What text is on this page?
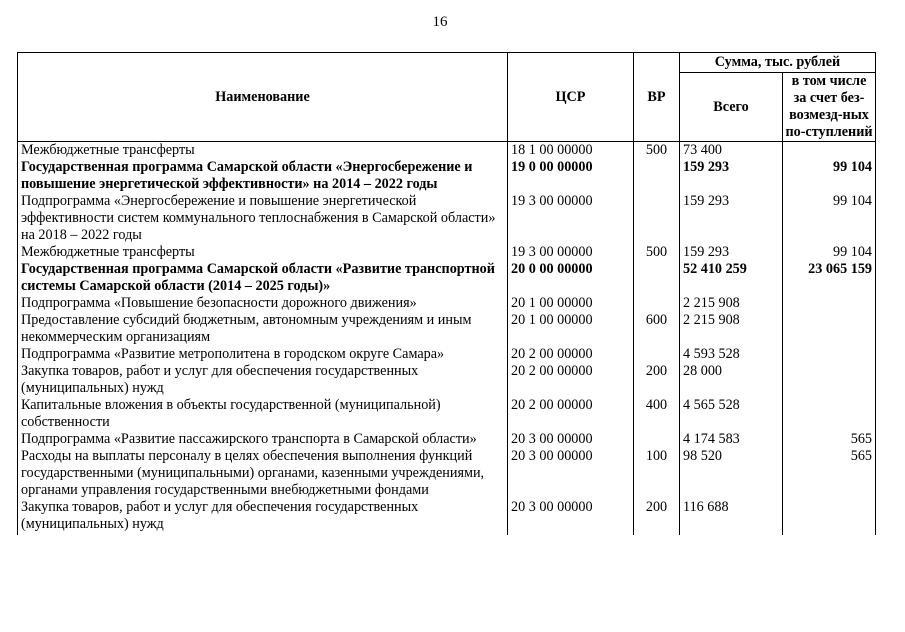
16
Наименование	ЦСР	ВР	Сумма, тыс. рублей	
			Всего	в том числе за счет без-возмезд-ных по-ступлений
Межбюджетные трансферты	18 1 00 00000	500	73 400	
Государственная программа Самарской области «Энергосбережение и повышение энергетической эффективности» на 2014 – 2022 годы	19 0 00 00000		159 293	99 104
Подпрограмма «Энергосбережение и повышение энергетической эффективности систем коммунального теплоснабжения в Самарской области» на 2018 – 2022 годы	19 3 00 00000		159 293	99 104
Межбюджетные трансферты	19 3 00 00000	500	159 293	99 104
Государственная программа Самарской области «Развитие транспортной системы Самарской области (2014 – 2025 годы)»	20 0 00 00000		52 410 259	23 065 159
Подпрограмма «Повышение безопасности дорожного движения»	20 1 00 00000		2 215 908	
Предоставление субсидий бюджетным, автономным учреждениям и иным некоммерческим организациям	20 1 00 00000	600	2 215 908	
Подпрограмма «Развитие метрополитена в городском округе Самара»	20 2 00 00000		4 593 528	
Закупка товаров, работ и услуг для обеспечения государственных (муниципальных) нужд	20 2 00 00000	200	28 000	
Капитальные вложения в объекты государственной (муниципальной) собственности	20 2 00 00000	400	4 565 528	
Подпрограмма «Развитие пассажирского транспорта в Самарской области»	20 3 00 00000		4 174 583	565
Расходы на выплаты персоналу в целях обеспечения выполнения функций государственными (муниципальными) органами, казенными учреждениями, органами управления государственными внебюджетными фондами	20 3 00 00000	100	98 520	565
Закупка товаров, работ и услуг для обеспечения государственных (муниципальных) нужд	20 3 00 00000	200	116 688	
